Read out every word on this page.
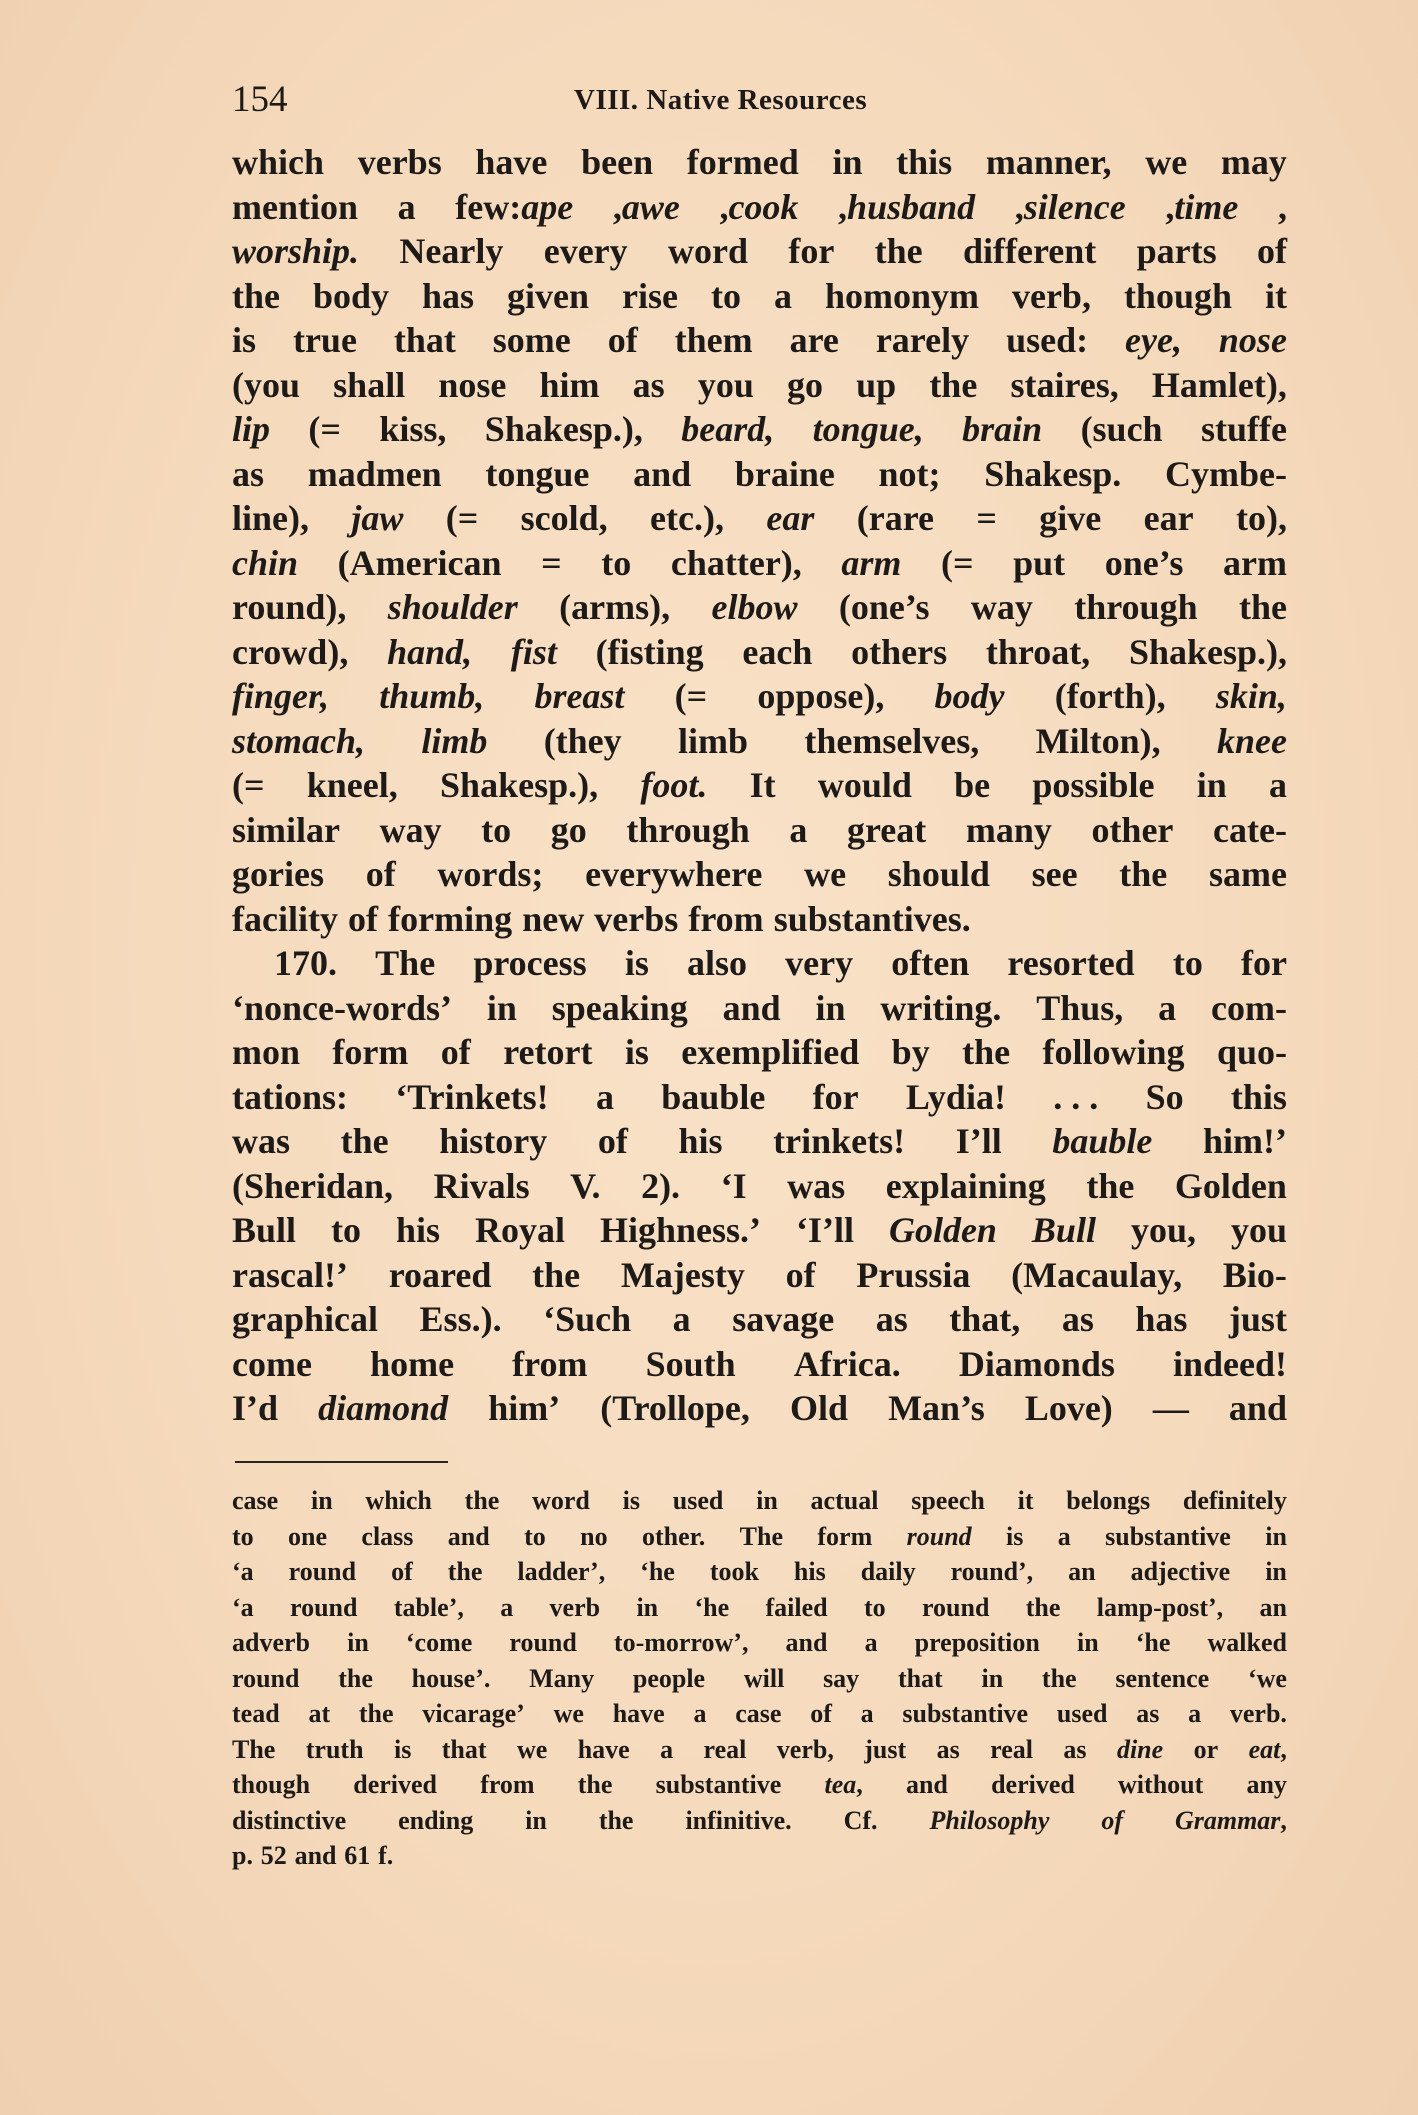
154	VIII. Native Resources
which verbs have been formed in this manner, we may
mention a few:ape ,awe ,cook ,husband ,silence ,time ,
worship. Nearly every word for the different parts of
the body has given rise to a homonym verb, though it
is true that some of them are rarely used: eye, nose
(you shall nose him as you go up the staires, Hamlet),
lip (= kiss, Shakesp.), beard, tongue, brain (such stuffe
as madmen tongue and braine not; Shakesp. Cymbe-
line), jaw (= scold, etc.), ear (rare = give ear to),
chin (American = to chatter), arm (= put one’s arm
round), shoulder (arms), elbow (one’s way through the
crowd), hand, fist (fisting each others throat, Shakesp.),
finger, thumb, breast (= oppose), body (forth), skin,
stomach, limb (they limb themselves, Milton), knee
(= kneel, Shakesp.), foot. It would be possible in a
similar way to go through a great many other cate-
gories of words; everywhere we should see the same
facility of forming new verbs from substantives.
170. The process is also very often resorted to for
‘nonce-words’ in speaking and in writing. Thus, a com-
mon form of retort is exemplified by the following quo-
tations: ‘Trinkets! a bauble for Lydia! . . . So this
was the history of his trinkets! I’ll bauble him!’
(Sheridan, Rivals V. 2). ‘I was explaining the Golden
Bull to his Royal Highness.’ ‘I’ll Golden Bull you, you
rascal!’ roared the Majesty of Prussia (Macaulay, Bio-
graphical Ess.). ‘Such a savage as that, as has just
come home from South Africa. Diamonds indeed!
I’d diamond him’ (Trollope, Old Man’s Love) — and
case in which the word is used in actual speech it belongs definitely
to one class and to no other. The form round is a substantive in
‘a round of the ladder’, ‘he took his daily round’, an adjective in
‘a round table’, a verb in ‘he failed to round the lamp-post’, an
adverb in ‘come round to-morrow’, and a preposition in ‘he walked
round the house’. Many people will say that in the sentence ‘we
tead at the vicarage’ we have a case of a substantive used as a verb.
The truth is that we have a real verb, just as real as dine or eat,
though derived from the substantive tea, and derived without any
distinctive ending in the infinitive. Cf. Philosophy of Grammar,
p. 52 and 61 f.
